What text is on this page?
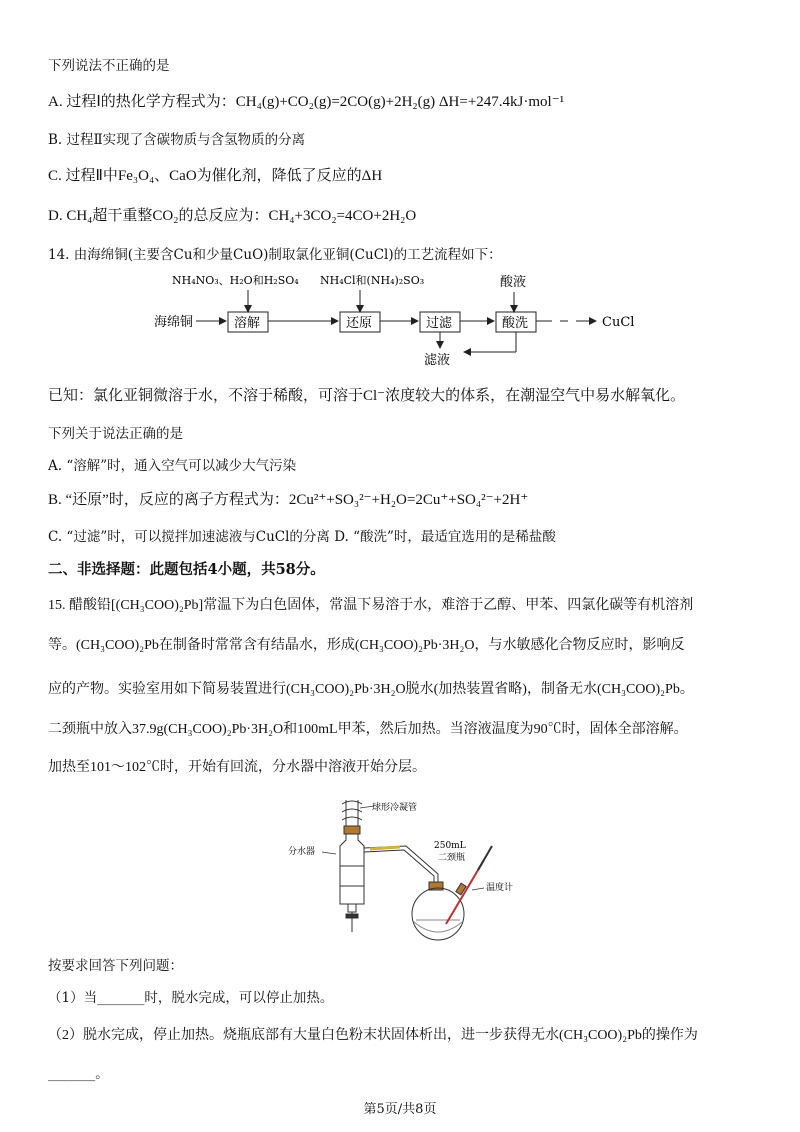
下列说法不正确的是
A. 过程Ⅰ的热化学方程式为：CH₄(g)+CO₂(g)=2CO(g)+2H₂(g) ΔH=+247.4kJ·mol⁻¹
B. 过程Ⅱ实现了含碳物质与含氢物质的分离
C. 过程Ⅱ中Fe₃O₄、CaO为催化剂，降低了反应的ΔH
D. CH₄超干重整CO₂的总反应为：CH₄+3CO₂=4CO+2H₂O
14. 由海绵铜(主要含Cu和少量CuO)制取氯化亚铜(CuCl)的工艺流程如下：
NH₄NO₃、H₂O和H₂SO₄ NH₄Cl和(NH₄)₂SO₃	酸液
海绵铜	溶解	还原	过滤	酸洗	CuCl
滤液
已知：氯化亚铜微溶于水，不溶于稀酸，可溶于Cl⁻浓度较大的体系，在潮湿空气中易水解氧化。
下列关于说法正确的是
A. “溶解”时，通入空气可以减少大气污染
B. “还原”时，反应的离子方程式为：2Cu²⁺+SO₃²⁻+H₂O=2Cu⁺+SO₄²⁻+2H⁺
C. “过滤”时，可以搅拌加速滤液与CuCl的分离 D. “酸洗”时，最适宜选用的是稀盐酸
二、非选择题：此题包括4小题，共58分。
15. 醋酸铅[(CH₃COO)₂Pb]常温下为白色固体，常温下易溶于水，难溶于乙醇、甲苯、四氯化碳等有机溶剂
等。(CH₃COO)₂Pb在制备时常常含有结晶水，形成(CH₃COO)₂Pb·3H₂O，与水敏感化合物反应时，影响反
应的产物。实验室用如下简易装置进行(CH₃COO)₂Pb·3H₂O脱水(加热装置省略)，制备无水(CH₃COO)₂Pb。
二颈瓶中放入37.9g(CH₃COO)₂Pb·3H₂O和100mL甲苯，然后加热。当溶液温度为90℃时，固体全部溶解。
加热至101～102℃时，开始有回流，分水器中溶液开始分层。
球形冷凝管
分水器
250mL
二颈瓶
温度计
按要求回答下列问题：
（1）当_______时，脱水完成，可以停止加热。
（2）脱水完成，停止加热。烧瓶底部有大量白色粉末状固体析出，进一步获得无水(CH₃COO)₂Pb的操作为
_______。
第5页/共8页
